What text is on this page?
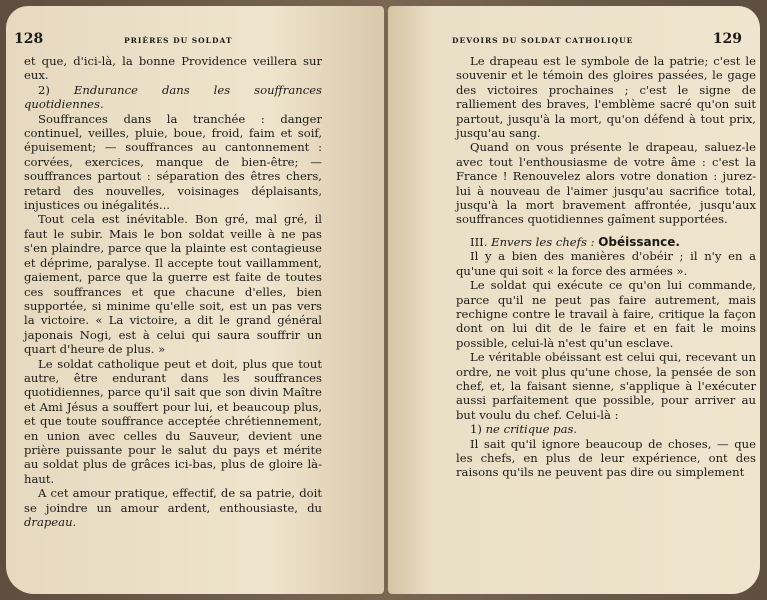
128	PRIÈRES DU SOLDAT

et que, d'ici-là, la bonne Providence veillera sur eux.

2) Endurance dans les souffrances quotidiennes.

Souffrances dans la tranchée : danger continuel, veilles, pluie, boue, froid, faim et soif, épuisement; — souffrances au cantonnement : corvées, exercices, manque de bien-être; — souffrances partout : séparation des êtres chers, retard des nouvelles, voisinages déplaisants, injustices ou inégalités...

Tout cela est inévitable. Bon gré, mal gré, il faut le subir. Mais le bon soldat veille à ne pas s'en plaindre, parce que la plainte est contagieuse et déprime, paralyse. Il accepte tout vaillamment, gaiement, parce que la guerre est faite de toutes ces souffrances et que chacune d'elles, bien supportée, si minime qu'elle soit, est un pas vers la victoire. « La victoire, a dit le grand général japonais Nogi, est à celui qui saura souffrir un quart d'heure de plus. »

Le soldat catholique peut et doit, plus que tout autre, être endurant dans les souffrances quotidiennes, parce qu'il sait que son divin Maître et Ami Jésus a souffert pour lui, et beaucoup plus, et que toute souffrance acceptée chrétiennement, en union avec celles du Sauveur, devient une prière puissante pour le salut du pays et mérite au soldat plus de grâces ici-bas, plus de gloire là-haut.

A cet amour pratique, effectif, de sa patrie, doit se joindre un amour ardent, enthousiaste, du drapeau.

DEVOIRS DU SOLDAT CATHOLIQUE	129

Le drapeau est le symbole de la patrie; c'est le souvenir et le témoin des gloires passées, le gage des victoires prochaines ; c'est le signe de ralliement des braves, l'emblème sacré qu'on suit partout, jusqu'à la mort, qu'on défend à tout prix, jusqu'au sang.

Quand on vous présente le drapeau, saluez-le avec tout l'enthousiasme de votre âme : c'est la France ! Renouvelez alors votre donation : jurez-lui à nouveau de l'aimer jusqu'au sacrifice total, jusqu'à la mort bravement affrontée, jusqu'aux souffrances quotidiennes gaîment supportées.

III. Envers les chefs : Obéissance.

Il y a bien des manières d'obéir ; il n'y en a qu'une qui soit « la force des armées ».

Le soldat qui exécute ce qu'on lui commande, parce qu'il ne peut pas faire autrement, mais rechigne contre le travail à faire, critique la façon dont on lui dit de le faire et en fait le moins possible, celui-là n'est qu'un esclave.

Le véritable obéissant est celui qui, recevant un ordre, ne voit plus qu'une chose, la pensée de son chef, et, la faisant sienne, s'applique à l'exécuter aussi parfaitement que possible, pour arriver au but voulu du chef. Celui-là :

1) ne critique pas.

Il sait qu'il ignore beaucoup de choses, — que les chefs, en plus de leur expérience, ont des raisons qu'ils ne peuvent pas dire ou simplement
